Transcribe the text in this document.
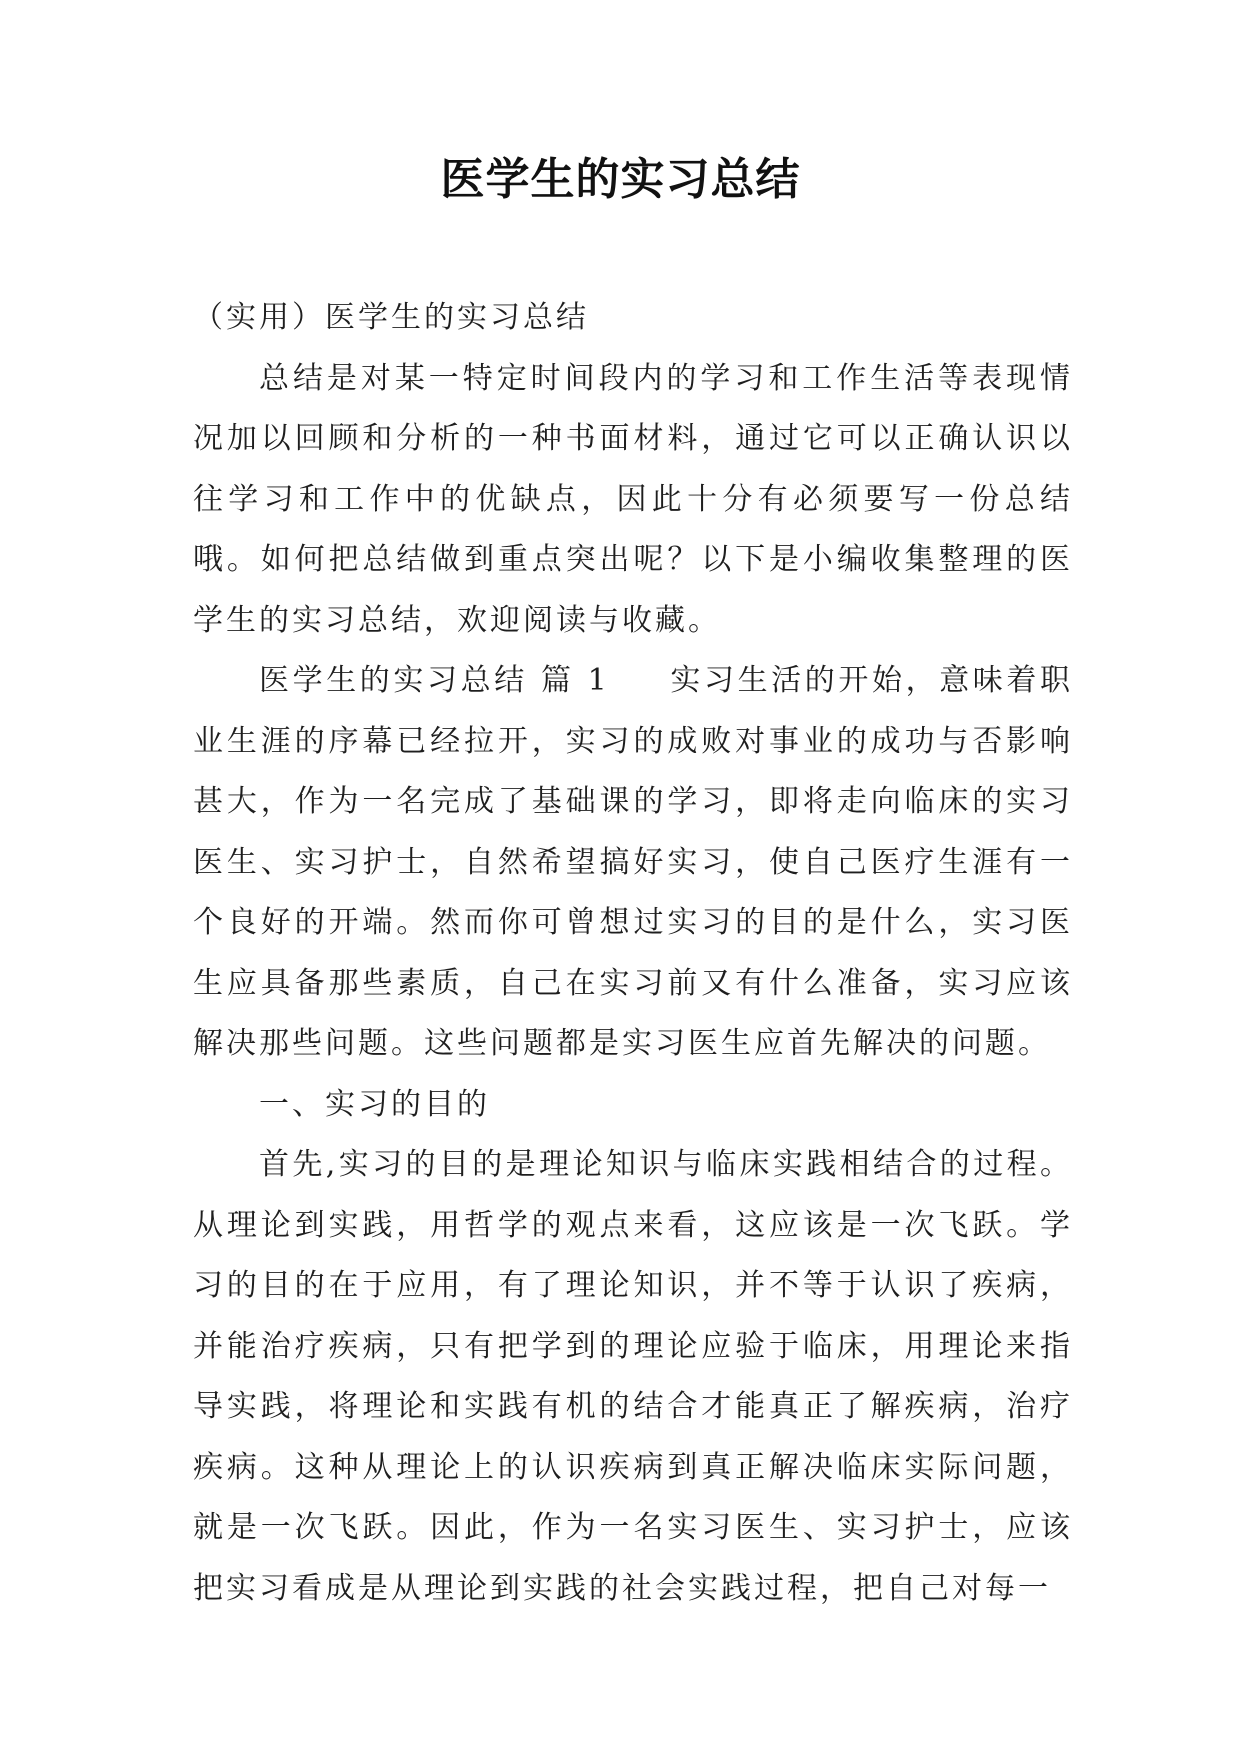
医学生的实习总结

（实用）医学生的实习总结

总结是对某一特定时间段内的学习和工作生活等表现情况加以回顾和分析的一种书面材料，通过它可以正确认识以往学习和工作中的优缺点，因此十分有必须要写一份总结哦。如何把总结做到重点突出呢？以下是小编收集整理的医学生的实习总结，欢迎阅读与收藏。

医学生的实习总结 篇 1 实习生活的开始，意味着职业生涯的序幕已经拉开，实习的成败对事业的成功与否影响甚大，作为一名完成了基础课的学习，即将走向临床的实习医生、实习护士，自然希望搞好实习，使自己医疗生涯有一个良好的开端。然而你可曾想过实习的目的是什么，实习医生应具备那些素质，自己在实习前又有什么准备，实习应该解决那些问题。这些问题都是实习医生应首先解决的问题。

一、实习的目的

首先,实习的目的是理论知识与临床实践相结合的过程。从理论到实践，用哲学的观点来看，这应该是一次飞跃。学习的目的在于应用，有了理论知识，并不等于认识了疾病，并能治疗疾病，只有把学到的理论应验于临床，用理论来指导实践，将理论和实践有机的结合才能真正了解疾病，治疗疾病。这种从理论上的认识疾病到真正解决临床实际问题，就是一次飞跃。因此，作为一名实习医生、实习护士，应该把实习看成是从理论到实践的社会实践过程，把自己对每一
